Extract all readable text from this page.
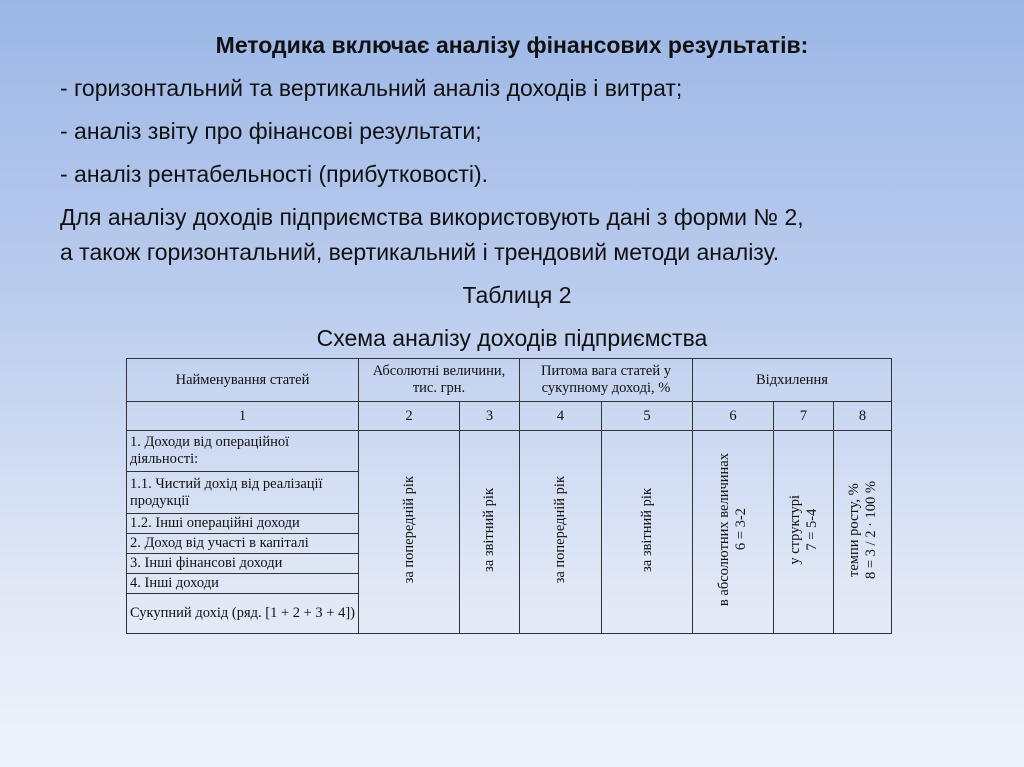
Методика включає аналізу фінансових результатів:
- горизонтальний та вертикальний аналіз доходів і витрат;
- аналіз звіту про фінансові результати;
- аналіз рентабельності (прибутковості).
Для аналізу доходів підприємства використовують дані з форми № 2,
а також горизонтальний, вертикальний і трендовий методи аналізу.
Таблиця 2
Схема аналізу доходів підприємства
Найменування статей	Абсолютні величини, тис. грн.		Питома вага статей у сукупному доході, %		Відхилення		
1	2	3	4	5	6	7	8
1. Доходи від операційної діяльності:	за попередній рік	за звітний рік	за попередній рік	за звітний рік	в абсолютних величинах 6 = 3-2	у структурі 7 = 5-4	темпи росту, % 8 = 3 / 2 · 100 %

1.1. Чистий дохід від реалізації продукції							
1.2. Інші операційні доходи							
2. Доход від участі в капіталі							
3. Інші фінансові доходи							
4. Інші доходи							
Сукупний дохід (ряд. [1 + 2 + 3 + 4])							
